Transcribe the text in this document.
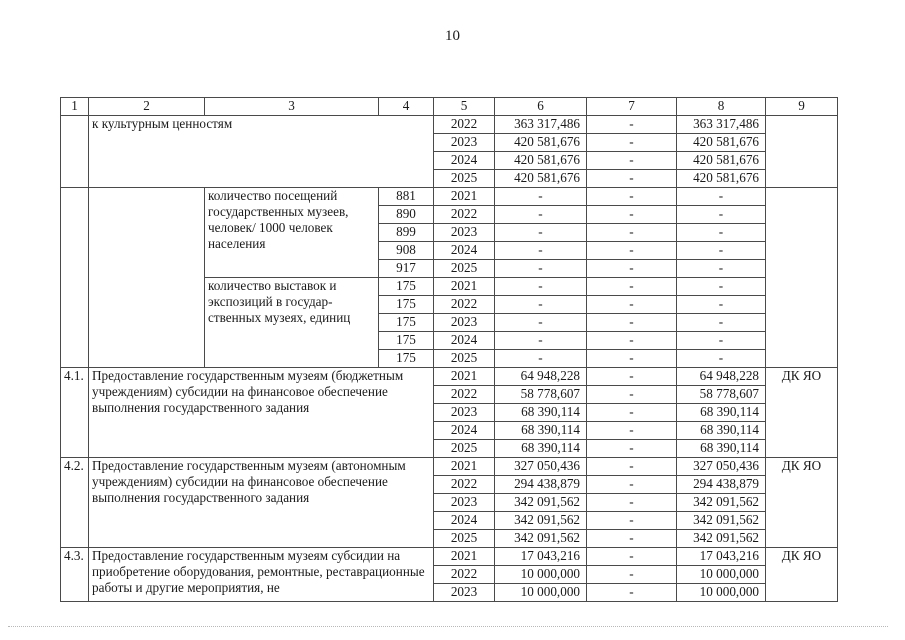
10
1	2	3	4	5	6	7	8	9
	к культурным ценностям			2022	363 317,486	-	363 317,486	
				2023	420 581,676	-	420 581,676	
				2024	420 581,676	-	420 581,676	
				2025	420 581,676	-	420 581,676	
		количество посещений государственных музеев, человек/ 1000 человек населения	881	2021	-	-	-	
			890	2022	-	-	-	
			899	2023	-	-	-	
			908	2024	-	-	-	
			917	2025	-	-	-	
		количество выставок и экспозиций в государ-ственных музеях, единиц	175	2021	-	-	-	
			175	2022	-	-	-	
			175	2023	-	-	-	
			175	2024	-	-	-	
			175	2025	-	-	-	
4.1.	Предоставление государственным музеям (бюджетным учреждениям) субсидии на финансовое обеспечение выполнения государственного задания			2021	64 948,228	-	64 948,228	ДК ЯО
				2022	58 778,607	-	58 778,607	
				2023	68 390,114	-	68 390,114	
				2024	68 390,114	-	68 390,114	
				2025	68 390,114	-	68 390,114	
4.2.	Предоставление государственным музеям (автономным учреждениям) субсидии на финансовое обеспечение выполнения государственного задания			2021	327 050,436	-	327 050,436	ДК ЯО
				2022	294 438,879	-	294 438,879	
				2023	342 091,562	-	342 091,562	
				2024	342 091,562	-	342 091,562	
				2025	342 091,562	-	342 091,562	
4.3.	Предоставление государственным музеям субсидии на приобретение оборудования, ремонтные, реставрационные работы и другие мероприятия, не			2021	17 043,216	-	17 043,216	ДК ЯО
				2022	10 000,000	-	10 000,000	
				2023	10 000,000	-	10 000,000	
